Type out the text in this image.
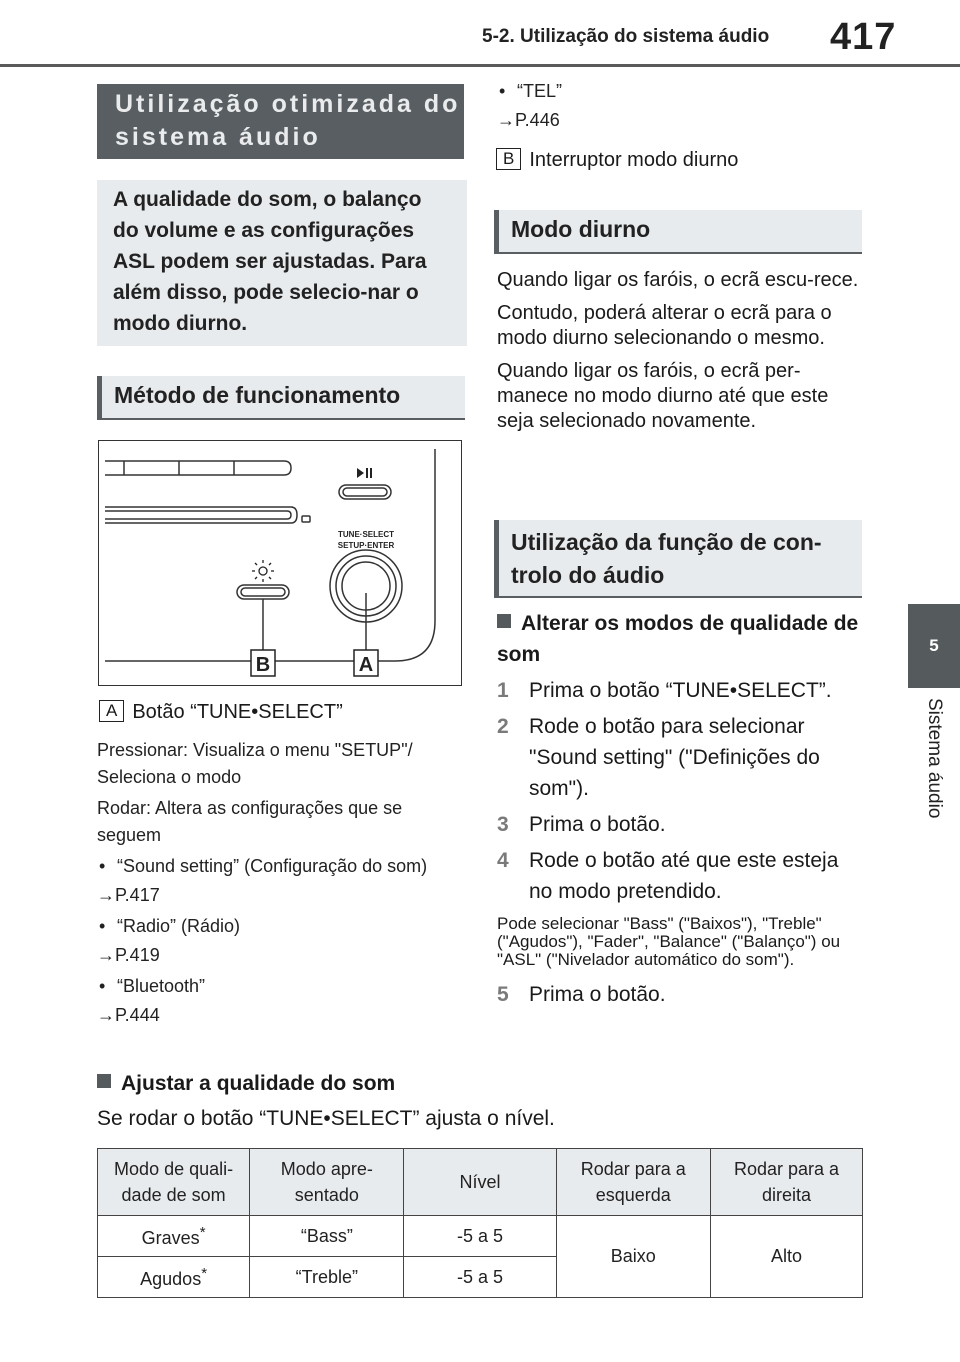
5-2. Utilização do sistema áudio 417
5
Sistema áudio
Utilização otimizada do sistema áudio
A qualidade do som, o balanço do volume e as configurações ASL podem ser ajustadas. Para além disso, pode selecio-nar o modo diurno.
Método de funcionamento
TUNE·SELECT
SETUP·ENTER
B	A
A Botão “TUNE•SELECT”

Pressionar: Visualiza o menu "SETUP"/ Seleciona o modo

Rodar: Altera as configurações que se seguem

• “Sound setting” (Configuração do som)
→P.417
• “Radio” (Rádio)
→P.419
• “Bluetooth”
→P.444
• “TEL”
→P.446
B Interruptor modo diurno
Modo diurno

Quando ligar os faróis, o ecrã escu-rece.

Contudo, poderá alterar o ecrã para o modo diurno selecionando o mesmo.

Quando ligar os faróis, o ecrã per-manece no modo diurno até que este seja selecionado novamente.

Utilização da função de con-trolo do áudio
Alterar os modos de qualidade de som
1 Prima o botão “TUNE•SELECT”.
2 Rode o botão para selecionar "Sound setting" ("Definições do som").
3 Prima o botão.
4 Rode o botão até que este esteja no modo pretendido.
Pode selecionar "Bass" ("Baixos"), "Treble" ("Agudos"), "Fader", "Balance" ("Balanço") ou "ASL" ("Nivelador automático do som").
5 Prima o botão.
Ajustar a qualidade do som
Se rodar o botão “TUNE•SELECT” ajusta o nível.
Modo de quali-dade de som	Modo apre-sentado	Nível	Rodar para a esquerda	Rodar para a direita
Graves*	“Bass”	-5 a 5	Baixo	Alto
Agudos*	“Treble”	-5 a 5		
